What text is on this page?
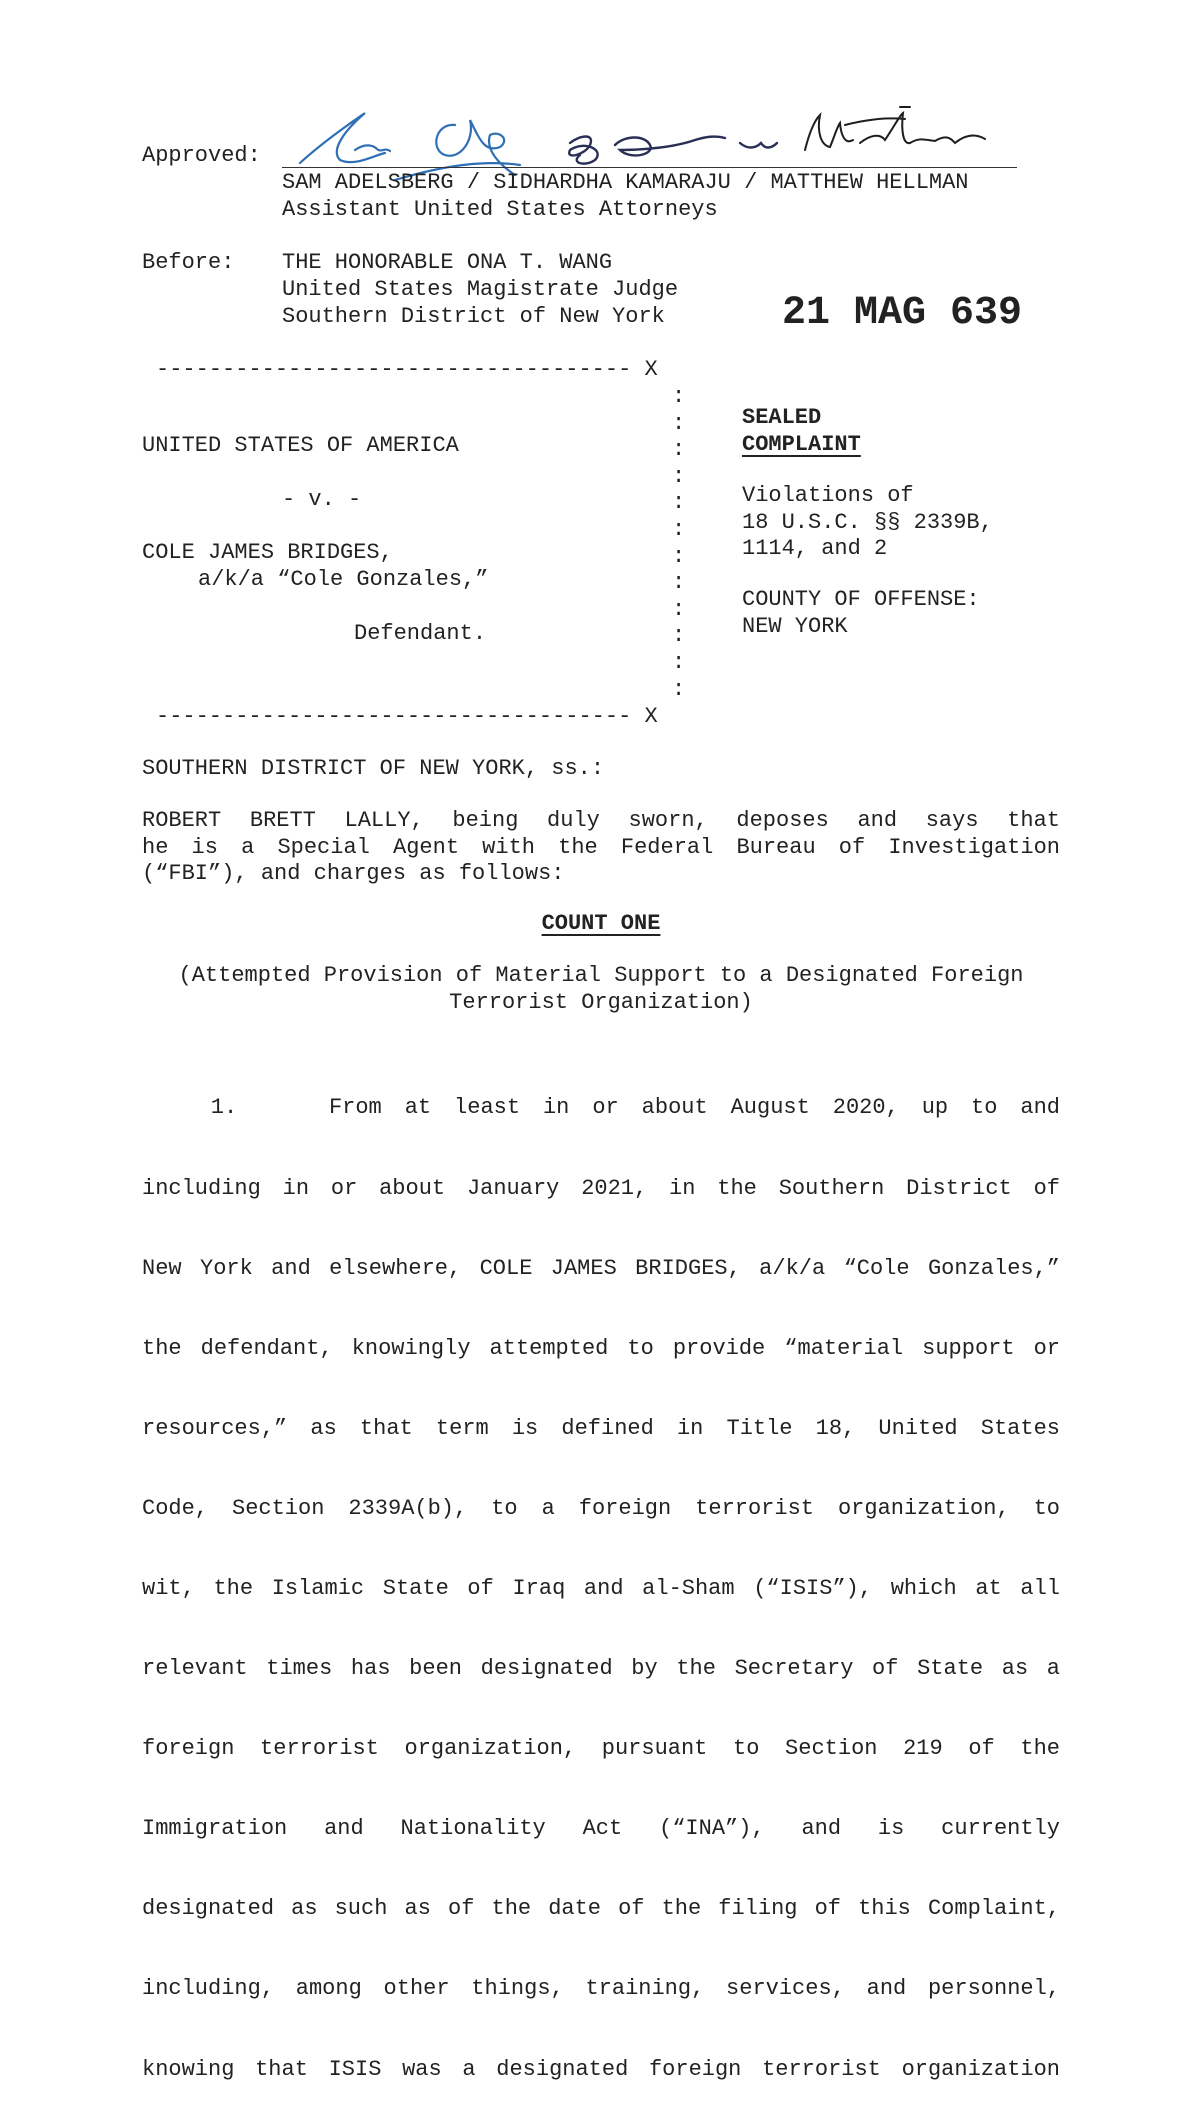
Approved:
SAM ADELSBERG / SIDHARDHA KAMARAJU / MATTHEW HELLMAN
Assistant United States Attorneys
Before: THE HONORABLE ONA T. WANG
United States Magistrate Judge
Southern District of New York	21 MAG 639
------------------------------------ X
------------------------------------ X
:
:
:
:
:
:
:
:
:
:
:
:
UNITED STATES OF AMERICA
- v. -
COLE JAMES BRIDGES,
a/k/a “Cole Gonzales,”
Defendant.
SEALED
COMPLAINT
Violations of
18 U.S.C. §§ 2339B,
1114, and 2
COUNTY OF OFFENSE:
NEW YORK
SOUTHERN DISTRICT OF NEW YORK, ss.:
ROBERT BRETT LALLY, being duly sworn, deposes and says that
he is a Special Agent with the Federal Bureau of Investigation
(“FBI”), and charges as follows:
COUNT ONE
(Attempted Provision of Material Support to a Designated Foreign
Terrorist Organization)

1.    From at least in or about August 2020, up to and

including in or about January 2021, in the Southern District of

New York and elsewhere, COLE JAMES BRIDGES, a/k/a “Cole Gonzales,”

the defendant, knowingly attempted to provide “material support or

resources,” as that term is defined in Title 18, United States

Code, Section 2339A(b), to a foreign terrorist organization, to

wit, the Islamic State of Iraq and al-Sham (“ISIS”), which at all

relevant times has been designated by the Secretary of State as a

foreign terrorist organization, pursuant to Section 219 of the

Immigration and Nationality Act (“INA”), and is currently

designated as such as of the date of the filing of this Complaint,

including, among other things, training, services, and personnel,

knowing that ISIS was a designated foreign terrorist organization
